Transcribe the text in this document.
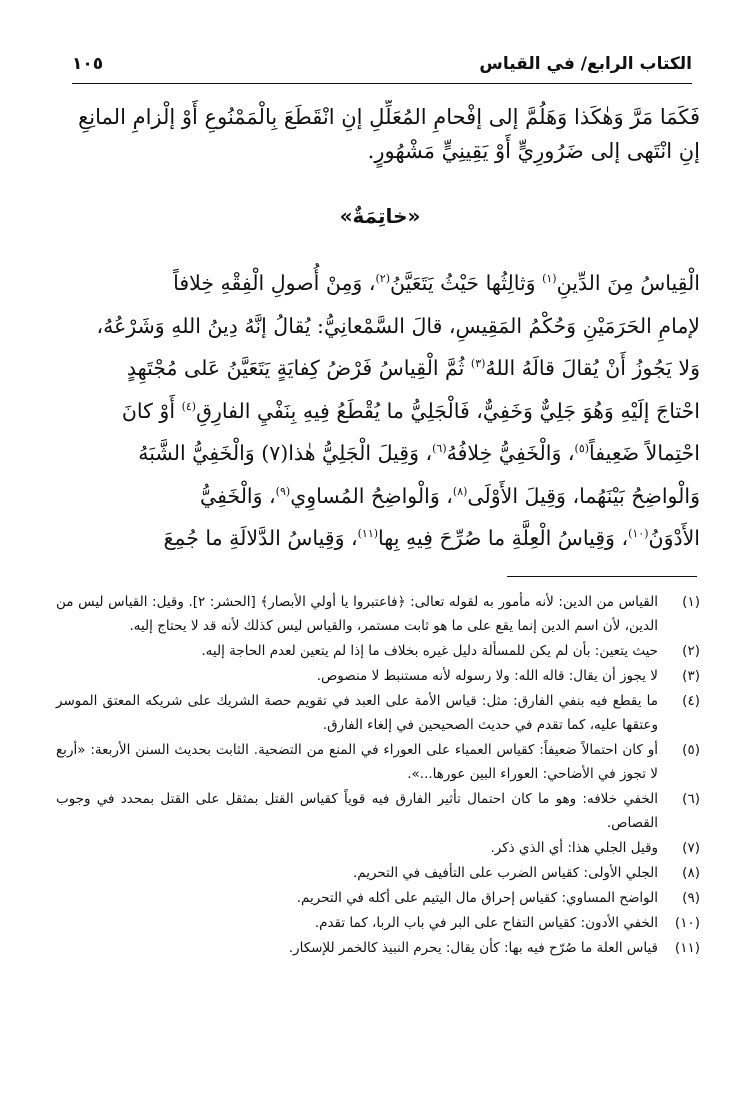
الكتاب الرابع/ في القياس
١٠٥
فَكَمَا مَرَّ وَهٰكَذا وَهَلُمَّ إلى إفْحامِ المُعَلِّلِ إنِ انْقَطَعَ بِالْمَمْنُوعِ أَوْ إلْزامِ المانِعِ
إنِ انْتَهى إلى ضَرُورِيٍّ أَوْ يَقِينِيٍّ مَشْهُورٍ.
«خاتِمَةٌ»
الْقِياسُ مِنَ الدِّينِ$^{(١)}$ وَثالِثُها حَيْثُ يَتَعَيَّنُ$^{(٢)}$، وَمِنْ أُصولِ الْفِقْهِ خِلافاً
لإمامِ الحَرَمَيْنِ وَحُكْمُ المَقِيسِ، قالَ السَّمْعانِيُّ: يُقالُ إنَّهُ دِينُ اللهِ وَشَرْعُهُ،
وَلا يَجُوزُ أَنْ يُقالَ قالَهُ اللهُ$^{(٣)}$ ثُمَّ الْقِياسُ فَرْضُ كِفايَةٍ يَتَعَيَّنُ عَلى مُجْتَهِدٍ
احْتاجَ إلَيْهِ وَهُوَ جَلِيٌّ وَخَفِيٌّ، فَالْجَلِيُّ ما يُقْطَعُ فِيهِ بِنَفْيِ الفارِقِ$^{(٤)}$ أَوْ كانَ
احْتِمالاً ضَعِيفاً$^{(٥)}$، وَالْخَفِيُّ خِلافُهُ$^{(٦)}$، وَقِيلَ الْجَلِيُّ هٰذا(٧) وَالْخَفِيُّ الشَّبَهُ
وَالْواضِحُ بَيْنَهُما، وَقِيلَ الأَوْلَى$^{(٨)}$، وَالْواضِحُ المُساوِي$^{(٩)}$، وَالْخَفِيُّ
الأَدْوَنُ$^{(١٠)}$، وَقِياسُ الْعِلَّةِ ما صُرِّحَ فِيهِ بِها$^{(١١)}$، وَقِياسُ الدَّلالَةِ ما جُمِعَ
(١)
القياس من الدين: لأنه مأمور به لقوله تعالى: ﴿فاعتبروا يا أولي الأبصار﴾ [الحشر: ٢]. وقيل: القياس ليس من الدين، لأن اسم الدين إنما يقع على ما هو ثابت مستمر، والقياس ليس كذلك لأنه قد لا يحتاج إليه.
(٢)
حيث يتعين: بأن لم يكن للمسألة دليل غيره بخلاف ما إذا لم يتعين لعدم الحاجة إليه.
(٣)
لا يجوز أن يقال: قاله الله: ولا رسوله لأنه مستنبط لا منصوص.
(٤)
ما يقطع فيه بنفي الفارق: مثل: قياس الأمة على العبد في تقويم حصة الشريك على شريكه المعتق الموسر وعتقها عليه، كما تقدم في حديث الصحيحين في إلغاء الفارق.
(٥)
أو كان احتمالاً ضعيفاً: كقياس العمياء على العوراء في المنع من التضحية. الثابت بحديث السنن الأربعة: «أربع لا تجوز في الأضاحي: العوراء البين عورها...».
(٦)
الخفي خلافه: وهو ما كان احتمال تأثير الفارق فيه قوياً كقياس القتل بمثقل على القتل بمحدد في وجوب القصاص.
(٧)
وقيل الجلي هذا: أي الذي ذكر.
(٨)
الجلي الأولى: كقياس الضرب على التأفيف في التحريم.
(٩)
الواضح المساوي: كقياس إحراق مال اليتيم على أكله في التحريم.
(١٠)
الخفي الأدون: كقياس التفاح على البر في باب الربا، كما تقدم.
(١١)
قياس العلة ما صُرّح فيه بها: كأن يقال: يحرم النبيذ كالخمر للإسكار.
